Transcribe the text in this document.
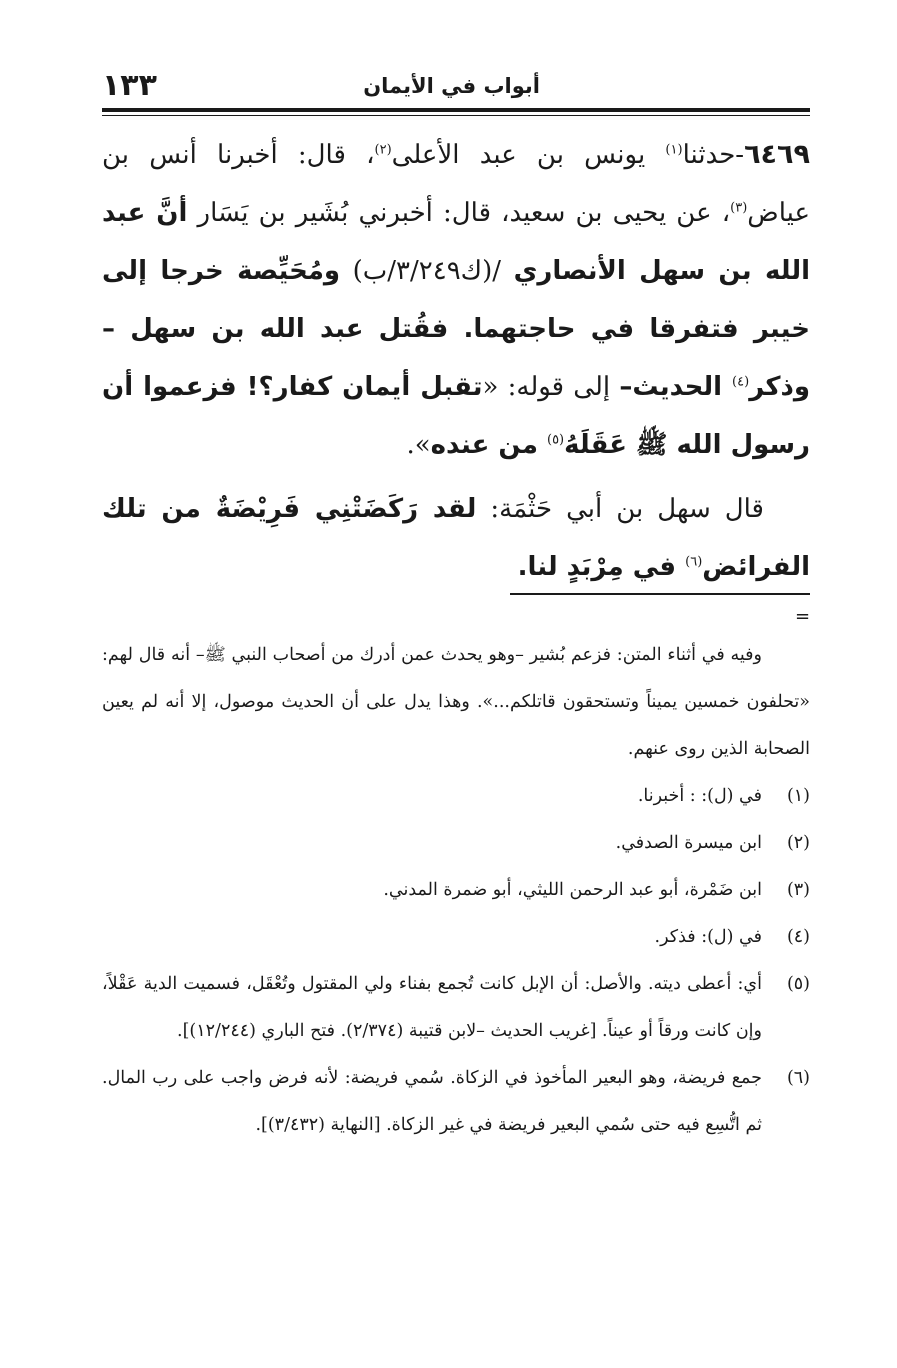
أبواب في الأيمان
١٣٣

٦٤٦٩-حدثنا$^{(١)}$ يونس بن عبد الأعلى$^{(٢)}$، قال: أخبرنا أنس بن عياض$^{(٣)}$، عن يحيى بن سعيد، قال: أخبرني بُشَير بن يَسَار أنَّ عبد الله بن سهل الأنصاري /(ك٣/٢٤٩/ب) ومُحَيِّصة خرجا إلى خيبر فتفرقا في حاجتهما. فقُتل عبد الله بن سهل –وذكر$^{(٤)}$ الحديث– إلى قوله: «تقبل أيمان كفار؟! فزعموا أن رسول الله ﷺ عَقَلَهُ$^{(٥)}$ من عنده».

قال سهل بن أبي حَثْمَة: لقد رَكَضَتْنِي فَرِيْضَةٌ من تلك الفرائض$^{(٦)}$ في مِرْبَدٍ لنا.

=

وفيه في أثناء المتن: فزعم بُشير –وهو يحدث عمن أدرك من أصحاب النبي ﷺ– أنه قال لهم: «تحلفون خمسين يميناً وتستحقون قاتلكم...». وهذا يدل على أن الحديث موصول، إلا أنه لم يعين الصحابة الذين روى عنهم.

(١)
في (ل): : أخبرنا.
(٢)
ابن ميسرة الصدفي.
(٣)
ابن ضَمْرة، أبو عبد الرحمن الليثي، أبو ضمرة المدني.
(٤)
في (ل): فذكر.
(٥)
أي: أعطى ديته. والأصل: أن الإبل كانت تُجمع بفناء ولي المقتول وتُعْقَل، فسميت الدية عَقْلاً، وإن كانت ورقاً أو عيناً. [غريب الحديث –لابن قتيبة (٢/٣٧٤). فتح الباري (١٢/٢٤٤)].
(٦)
جمع فريضة، وهو البعير المأخوذ في الزكاة. سُمي فريضة: لأنه فرض واجب على رب المال. ثم اتُّسِع فيه حتى سُمي البعير فريضة في غير الزكاة. [النهاية (٣/٤٣٢)].
